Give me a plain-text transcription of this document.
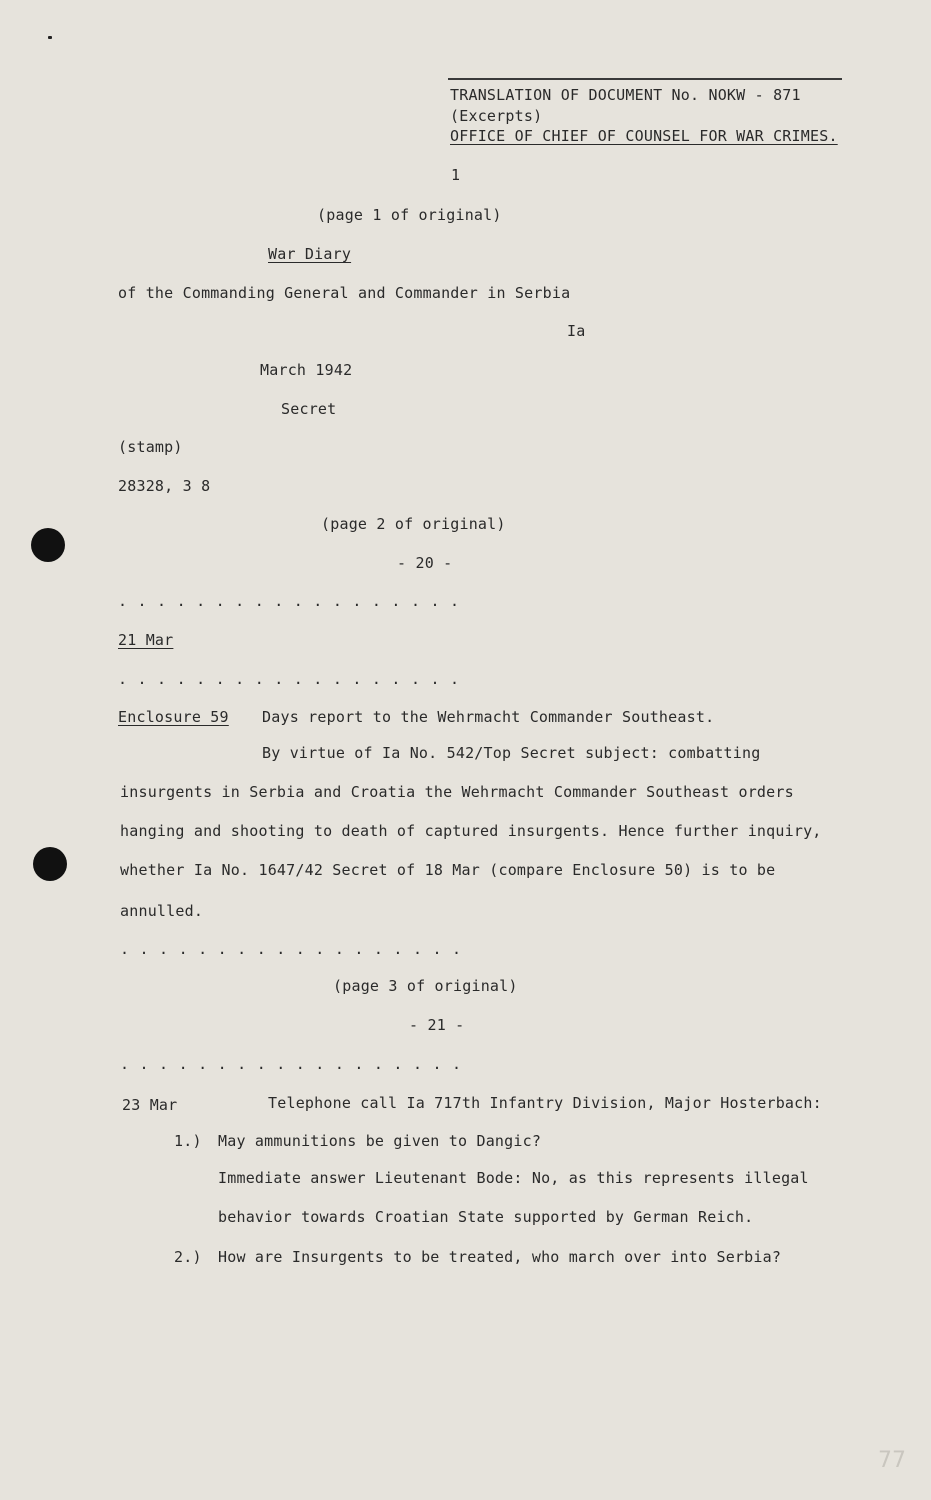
TRANSLATION OF DOCUMENT No. NOKW - 871
(Excerpts)
OFFICE OF CHIEF OF COUNSEL FOR WAR CRIMES.
1
(page 1 of original)
War Diary
of the Commanding General and Commander in Serbia
Ia
March 1942
Secret
(stamp)
28328, 3 8
(page 2 of original)
- 20 -
..................
21 Mar
..................
Enclosure 59 Days report to the Wehrmacht Commander Southeast.
By virtue of Ia No. 542/Top Secret subject: combatting
insurgents in Serbia and Croatia the Wehrmacht Commander Southeast orders
hanging and shooting to death of captured insurgents. Hence further inquiry,
whether Ia No. 1647/42 Secret of 18 Mar (compare Enclosure 50) is to be
annulled.
..................
(page 3 of original)
- 21 -
..................
23 Mar	Telephone call Ia 717th Infantry Division, Major Hosterbach:
1.) May ammunitions be given to Dangic?
Immediate answer Lieutenant Bode: No, as this represents illegal
behavior towards Croatian State supported by German Reich.
2.) How are Insurgents to be treated, who march over into Serbia?
77
